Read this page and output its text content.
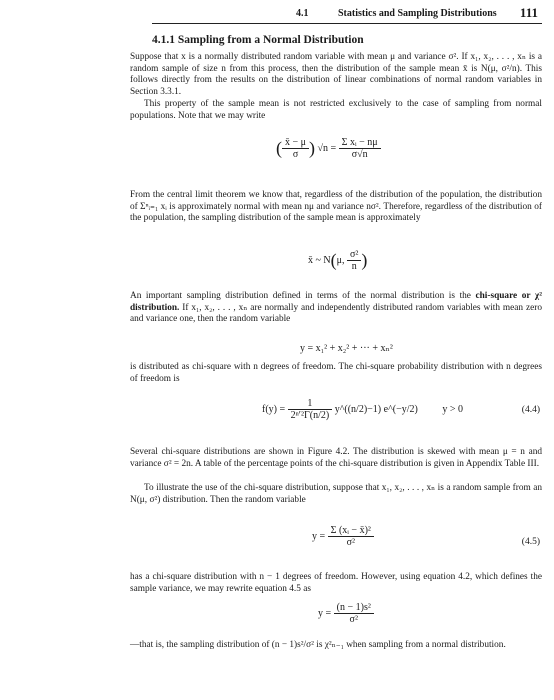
4.1	Statistics and Sampling Distributions 111
4.1.1 Sampling from a Normal Distribution
Suppose that x is a normally distributed random variable with mean μ and variance σ². If x₁, x₂, . . . , xₙ is a random sample of size n from this process, then the distribution of the sample mean x̄ is N(μ, σ²/n). This follows directly from the results on the distribution of linear combinations of normal random variables in Section 3.3.1.
This property of the sample mean is not restricted exclusively to the case of sampling from normal populations. Note that we may write
( $\frac{x̄ - \mu}{\sigma}$ ) $√n = \frac{\text{Σ xᵢ − nμ}}{\sigma√n}$
From the central limit theorem we know that, regardless of the distribution of the population, the distribution of Σⁿᵢ₌₁ xᵢ is approximately normal with mean nμ and variance nσ². Therefore, regardless of the distribution of the population, the sampling distribution of the sample mean is approximately
x̄ ~ N(μ, $\frac{\text{σ²}}{n}$ )
An important sampling distribution defined in terms of the normal distribution is the chi-square or χ² distribution. If x₁, x₂, . . . , xₙ are normally and independently distributed random variables with mean zero and variance one, then the random variable
y = x₁² + x₂² + ··· + xₙ²
is distributed as chi-square with n degrees of freedom. The chi-square probability distribution with n degrees of freedom is
$f(y) = \frac{1}{\text{2ⁿ′²Γ(n/2)}}$ y^((n/2)−1) e^(−y/2) y > 0	(4.4)
Several chi-square distributions are shown in Figure 4.2. The distribution is skewed with mean μ = n and variance σ² = 2n. A table of the percentage points of the chi-square distribution is given in Appendix Table III.
To illustrate the use of the chi-square distribution, suppose that x₁, x₂, . . . , xₙ is a random sample from an N(μ, σ²) distribution. Then the random variable
$y = \frac{\text{Σ (xᵢ − x̄)²}}{\text{σ²}}$	(4.5)
has a chi-square distribution with n − 1 degrees of freedom. However, using equation 4.2, which defines the sample variance, we may rewrite equation 4.5 as
$y = \frac{\text{(n − 1)s²}}{\text{σ²}}$
—that is, the sampling distribution of (n − 1)s²/σ² is χ²ₙ₋₁ when sampling from a normal distribution.
